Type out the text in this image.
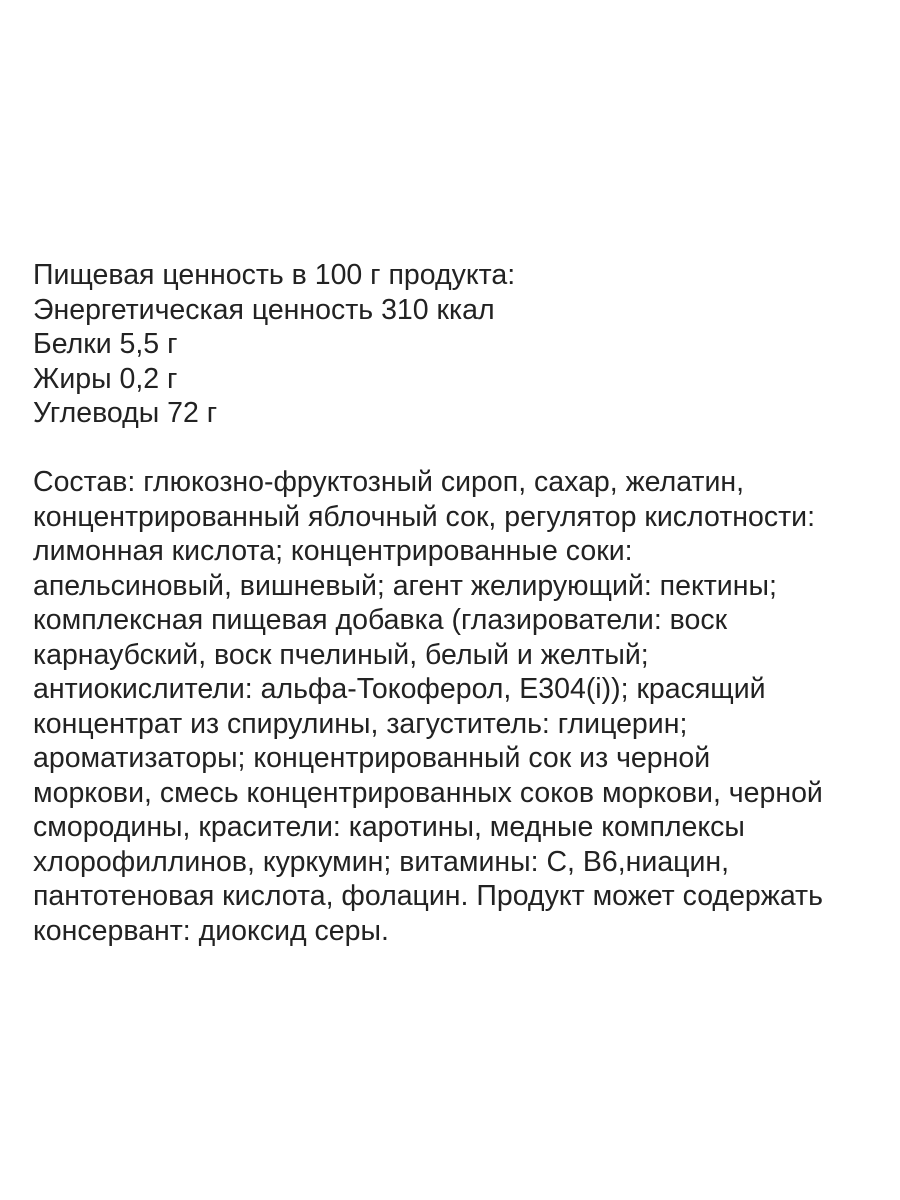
Пищевая ценность в 100 г продукта:
Энергетическая ценность 310 ккал
Белки 5,5 г
Жиры 0,2 г
Углеводы 72 г
Состав: глюкозно-фруктозный сироп, сахар, желатин,
концентрированный яблочный сок, регулятор кислотности:
лимонная кислота; концентрированные соки:
апельсиновый, вишневый; агент желирующий: пектины;
комплексная пищевая добавка (глазирователи: воск
карнаубский, воск пчелиный, белый и желтый;
антиокислители: альфа-Токоферол, Е304(i)); красящий
концентрат из спирулины, загуститель: глицерин;
ароматизаторы; концентрированный сок из черной
моркови, смесь концентрированных соков моркови, черной
смородины, красители: каротины, медные комплексы
хлорофиллинов, куркумин; витамины: С, В6,ниацин,
пантотеновая кислота, фолацин. Продукт может содержать
консервант: диоксид серы.
